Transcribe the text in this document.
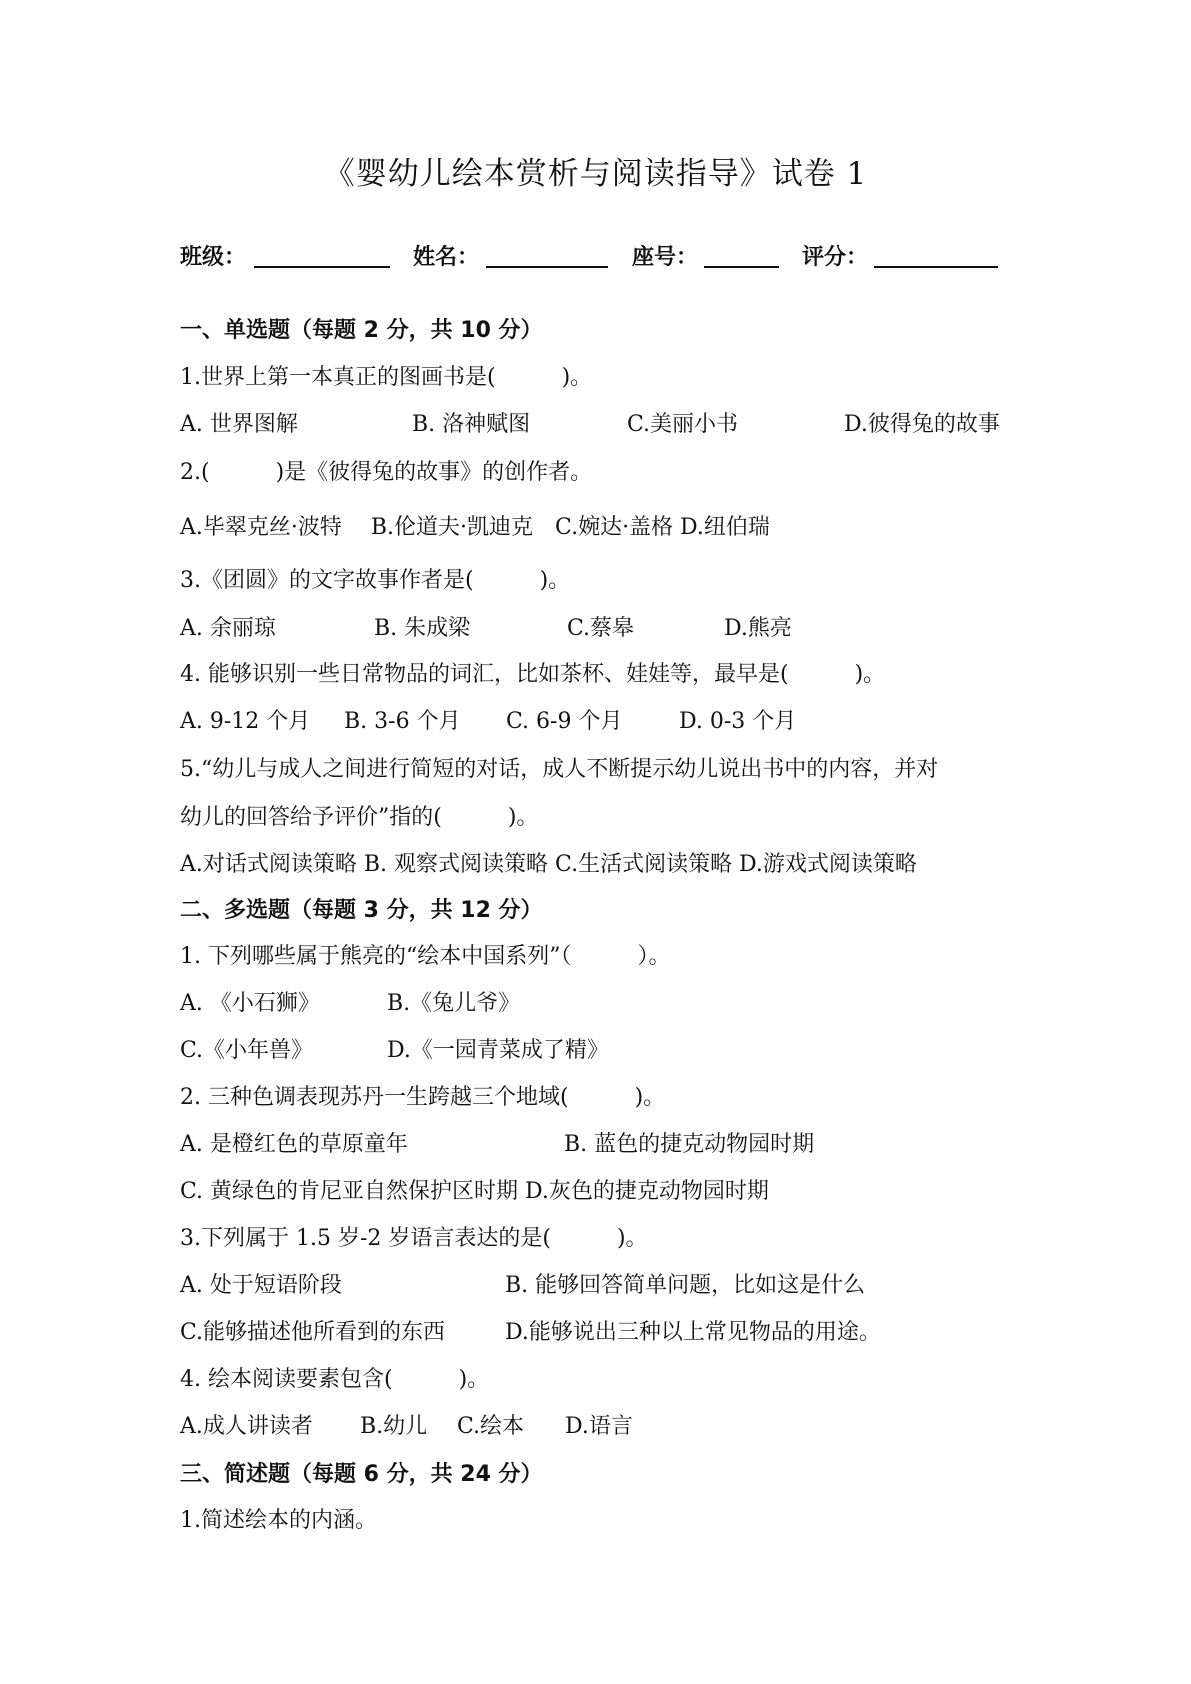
《婴幼儿绘本赏析与阅读指导》试卷 1
班级：	姓名：	座号：	评分：
一、单选题（每题 2 分，共 10 分）
1.世界上第一本真正的图画书是(　　　)。
A. 世界图解	B. 洛神赋图	C.美丽小书	D.彼得兔的故事
2.(　　　)是《彼得兔的故事》的创作者。
A.毕翠克丝·波特　 B.伦道夫·凯迪克　C.婉达·盖格 D.纽伯瑞
3.《团圆》的文字故事作者是(　　　)。
A. 余丽琼	B. 朱成梁	C.蔡皋	D.熊亮
4. 能够识别一些日常物品的词汇，比如茶杯、娃娃等，最早是(　　　)。
A. 9-12 个月 B. 3-6 个月 C. 6-9 个月	D. 0-3 个月
5.“幼儿与成人之间进行简短的对话，成人不断提示幼儿说出书中的内容，并对
幼儿的回答给予评价”指的(　　　)。
A.对话式阅读策略 B. 观察式阅读策略 C.生活式阅读策略 D.游戏式阅读策略
二、多选题（每题 3 分，共 12 分）
1. 下列哪些属于熊亮的“绘本中国系列”（　　　）。
A. 《小石狮》	B.《兔儿爷》
C.《小年兽》	D.《一园青菜成了精》
2. 三种色调表现苏丹一生跨越三个地域(　　　)。
A. 是橙红色的草原童年	B. 蓝色的捷克动物园时期
C. 黄绿色的肯尼亚自然保护区时期 D.灰色的捷克动物园时期
3.下列属于 1.5 岁-2 岁语言表达的是(　　　)。
A. 处于短语阶段	B. 能够回答简单问题，比如这是什么
C.能够描述他所看到的东西	D.能够说出三种以上常见物品的用途。
4. 绘本阅读要素包含(　　　)。
A.成人讲读者 B.幼儿 C.绘本 D.语言
三、简述题（每题 6 分，共 24 分）
1.简述绘本的内涵。
